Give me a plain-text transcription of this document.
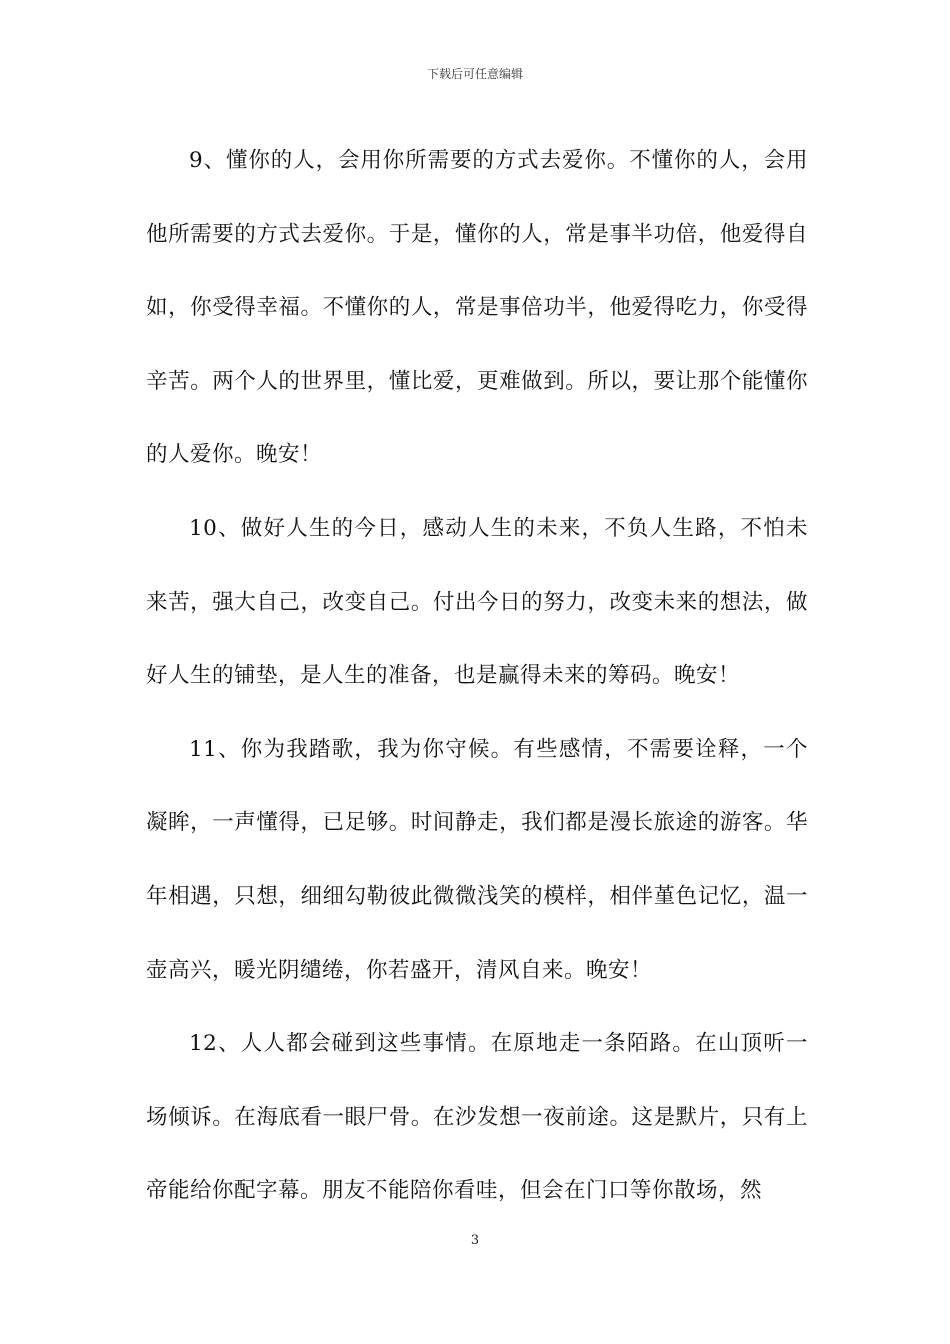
下载后可任意编辑

9、懂你的人，会用你所需要的方式去爱你。不懂你的人，会用他所需要的方式去爱你。于是，懂你的人，常是事半功倍，他爱得自如，你受得幸福。不懂你的人，常是事倍功半，他爱得吃力，你受得辛苦。两个人的世界里，懂比爱，更难做到。所以，要让那个能懂你的人爱你。晚安！

10、做好人生的今日，感动人生的未来，不负人生路，不怕未来苦，强大自己，改变自己。付出今日的努力，改变未来的想法，做好人生的铺垫，是人生的准备，也是赢得未来的筹码。晚安！

11、你为我踏歌，我为你守候。有些感情，不需要诠释，一个凝眸，一声懂得，已足够。时间静走，我们都是漫长旅途的游客。华年相遇，只想，细细勾勒彼此微微浅笑的模样，相伴堇色记忆，温一壶高兴，暖光阴缱绻，你若盛开，清风自来。晚安！

12、人人都会碰到这些事情。在原地走一条陌路。在山顶听一场倾诉。在海底看一眼尸骨。在沙发想一夜前途。这是默片，只有上帝能给你配字幕。朋友不能陪你看哇，但会在门口等你散场，然

3
